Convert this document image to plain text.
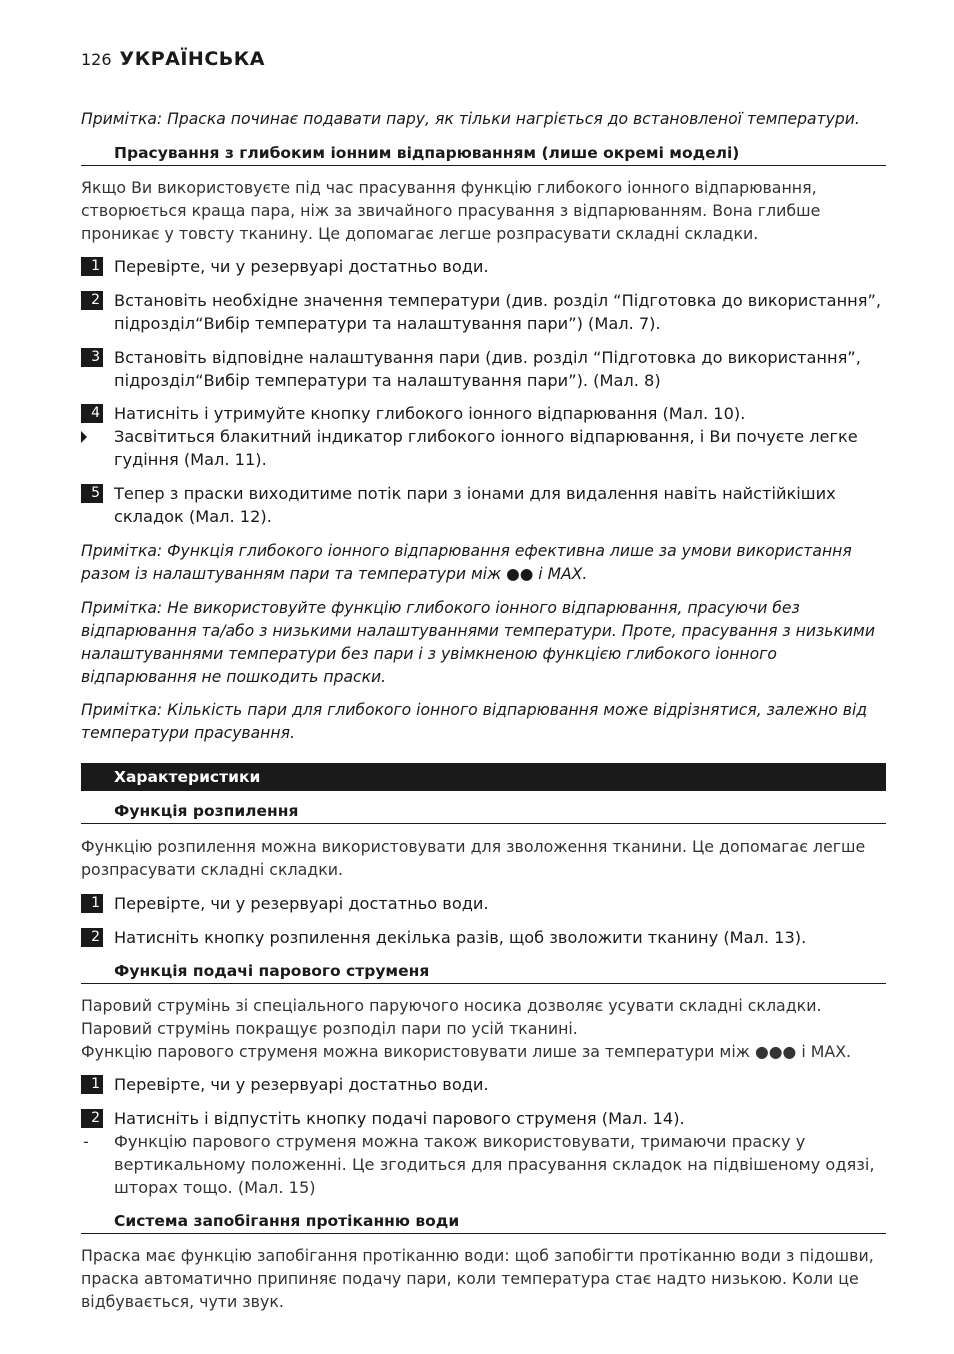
126 УКРАЇНСЬКА
Примітка: Праска починає подавати пару, як тільки нагріється до встановленої температури.
Прасування з глибоким іонним відпарюванням (лише окремі моделі)
Якщо Ви використовуєте під час прасування функцію глибокого іонного відпарювання, створюється краща пара, ніж за звичайного прасування з відпарюванням. Вона глибше проникає у товсту тканину. Це допомагає легше розпрасувати складні складки.
1 Перевірте, чи у резервуарі достатньо води.
2 Встановіть необхідне значення температури (див. розділ “Підготовка до використання”, підрозділ“Вибір температури та налаштування пари”) (Мал. 7).
3 Встановіть відповідне налаштування пари (див. розділ “Підготовка до використання”, підрозділ“Вибір температури та налаштування пари”). (Мал. 8)
4 Натисніть і утримуйте кнопку глибокого іонного відпарювання (Мал. 10).
Засвітиться блакитний індикатор глибокого іонного відпарювання, і Ви почуєте легке гудіння (Мал. 11).
5 Тепер з праски виходитиме потік пари з іонами для видалення навіть найстійкіших складок (Мал. 12).
Примітка: Функція глибокого іонного відпарювання ефективна лише за умови використання разом із налаштуванням пари та температури між ●● і MAX.
Примітка: Не використовуйте функцію глибокого іонного відпарювання, прасуючи без відпарювання та/або з низькими налаштуваннями температури. Проте, прасування з низькими налаштуваннями температури без пари і з увімкненою функцією глибокого іонного відпарювання не пошкодить праски.
Примітка: Кількість пари для глибокого іонного відпарювання може відрізнятися, залежно від температури прасування.
Характеристики
Функція розпилення
Функцію розпилення можна використовувати для зволоження тканини. Це допомагає легше розпрасувати складні складки.
1 Перевірте, чи у резервуарі достатньо води.
2 Натисніть кнопку розпилення декілька разів, щоб зволожити тканину (Мал. 13).
Функція подачі парового струменя
Паровий струмінь зі спеціального паруючого носика дозволяє усувати складні складки.
Паровий струмінь покращує розподіл пари по усій тканині.
Функцію парового струменя можна використовувати лише за температури між ●●● і MAX.
1 Перевірте, чи у резервуарі достатньо води.
2 Натисніть і відпустіть кнопку подачі парового струменя (Мал. 14).
-	Функцію парового струменя можна також використовувати, тримаючи праску у вертикальному положенні. Це згодиться для прасування складок на підвішеному одязі, шторах тощо. (Мал. 15)
Система запобігання протіканню води
Праска має функцію запобігання протіканню води: щоб запобігти протіканню води з підошви, праска автоматично припиняє подачу пари, коли температура стає надто низькою. Коли це відбувається, чути звук.
